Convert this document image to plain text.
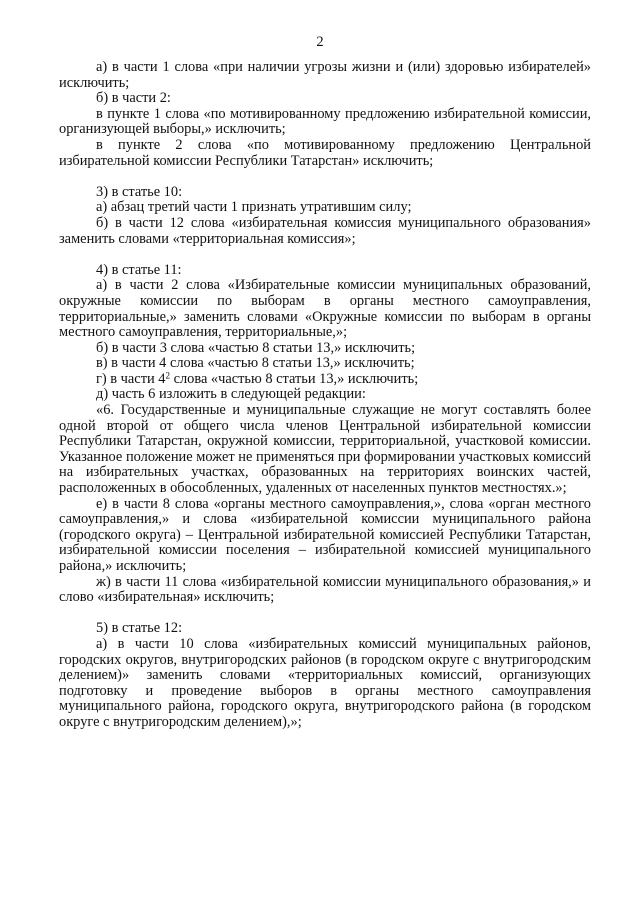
2

а) в части 1 слова «при наличии угрозы жизни и (или) здоровью избирателей» исключить;

б) в части 2:

в пункте 1 слова «по мотивированному предложению избирательной комиссии, организующей выборы,» исключить;

в пункте 2 слова «по мотивированному предложению Центральной избирательной комиссии Республики Татарстан» исключить;

3) в статье 10:

а) абзац третий части 1 признать утратившим силу;

б) в части 12 слова «избирательная комиссия муниципального образования» заменить словами «территориальная комиссия»;

4) в статье 11:

а) в части 2 слова «Избирательные комиссии муниципальных образований, окружные комиссии по выборам в органы местного самоуправления, территориальные,» заменить словами «Окружные комиссии по выборам в органы местного самоуправления, территориальные,»;

б) в части 3 слова «частью 8 статьи 13,» исключить;

в) в части 4 слова «частью 8 статьи 13,» исключить;

г) в части $4^2$ слова «частью 8 статьи 13,» исключить;

д) часть 6 изложить в следующей редакции:

«6. Государственные и муниципальные служащие не могут составлять более одной второй от общего числа членов Центральной избирательной комиссии Республики Татарстан, окружной комиссии, территориальной, участковой комиссии. Указанное положение может не применяться при формировании участковых комиссий на избирательных участках, образованных на территориях воинских частей, расположенных в обособленных, удаленных от населенных пунктов местностях.»;

е) в части 8 слова «органы местного самоуправления,», слова «орган местного самоуправления,» и слова «избирательной комиссии муниципального района (городского округа) – Центральной избирательной комиссией Республики Татарстан, избирательной комиссии поселения – избирательной комиссией муниципального района,» исключить;

ж) в части 11 слова «избирательной комиссии муниципального образования,» и слово «избирательная» исключить;

5) в статье 12:

а) в части 10 слова «избирательных комиссий муниципальных районов, городских округов, внутригородских районов (в городском округе с внутригородским делением)» заменить словами «территориальных комиссий, организующих подготовку и проведение выборов в органы местного самоуправления муниципального района, городского округа, внутригородского района (в городском округе с внутригородским делением),»;
